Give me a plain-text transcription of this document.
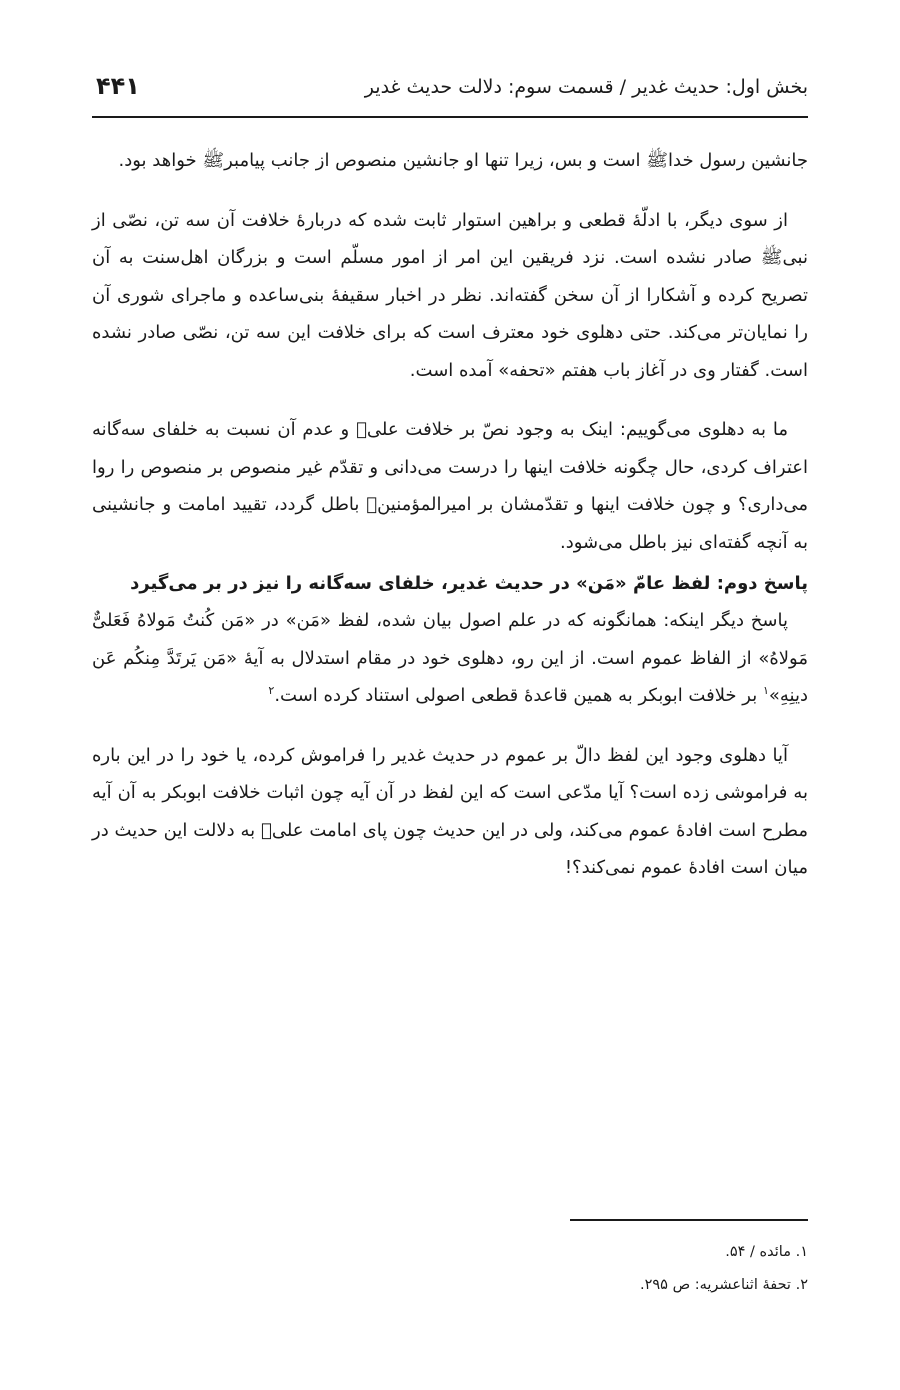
بخش اول: حدیث غدیر / قسمت سوم: دلالت حدیث غدیر
۴۴۱

جانشین رسول خداﷺ است و بس، زیرا تنها او جانشین منصوص از جانب پیامبرﷺ خواهد بود.

از سوی دیگر، با ادلّهٔ قطعی و براهین استوار ثابت شده که دربارهٔ خلافت آن سه تن، نصّی از نبیﷺ صادر نشده است. نزد فریقین این امر از امور مسلّم است و بزرگان اهل‌سنت به آن تصریح کرده و آشکارا از آن سخن گفته‌اند. نظر در اخبار سقیفهٔ بنی‌ساعده و ماجرای شوری آن را نمایان‌تر می‌کند. حتی دهلوی خود معترف است که برای خلافت این سه تن، نصّی صادر نشده است. گفتار وی در آغاز باب هفتم «تحفه» آمده است.

ما به دهلوی می‌گوییم: اینک به وجود نصّ بر خلافت علیؑ و عدم آن نسبت به خلفای سه‌گانه اعتراف کردی، حال چگونه خلافت اینها را درست می‌دانی و تقدّم غیر منصوص بر منصوص را روا می‌داری؟ و چون خلافت اینها و تقدّمشان بر امیرالمؤمنینؑ باطل گردد، تقیید امامت و جانشینی به آنچه گفته‌ای نیز باطل می‌شود.

پاسخ دوم: لفظ عامّ «مَن» در حدیث غدیر، خلفای سه‌گانه را نیز در بر می‌گیرد

پاسخ دیگر اینکه: همانگونه که در علم اصول بیان شده، لفظ «مَن» در «مَن کُنتُ مَولاهُ فَعَلیٌّ مَولاهُ» از الفاظ عموم است. از این رو، دهلوی خود در مقام استدلال به آیهٔ «مَن یَرتَدَّ مِنکُم عَن دینِهِ»$^۱$ بر خلافت ابوبکر به همین قاعدهٔ قطعی اصولی استناد کرده است.$^۲$

آیا دهلوی وجود این لفظ دالّ بر عموم در حدیث غدیر را فراموش کرده، یا خود را در این باره به فراموشی زده است؟ آیا مدّعی است که این لفظ در آن آیه چون اثبات خلافت ابوبکر به آن آیه مطرح است افادهٔ عموم می‌کند، ولی در این حدیث چون پای امامت علیؑ به دلالت این حدیث در میان است افادهٔ عموم نمی‌کند؟!

۱. مائده / ۵۴.
۲. تحفهٔ اثناعشریه: ص ۲۹۵.
